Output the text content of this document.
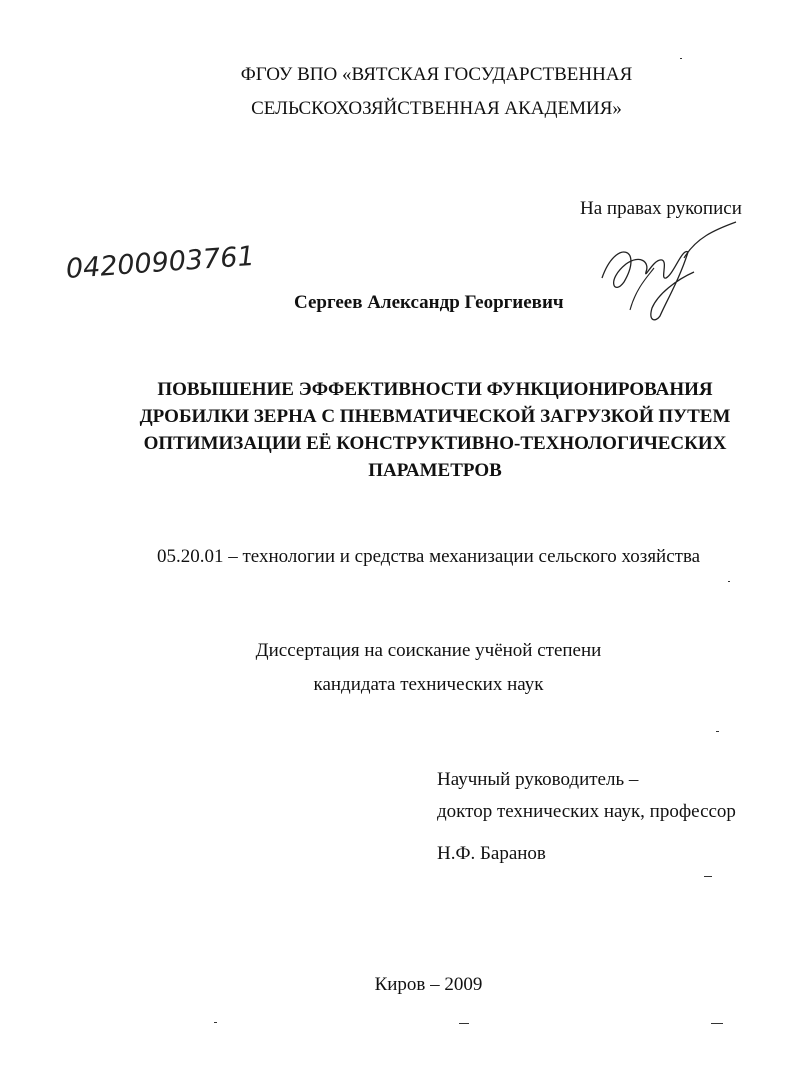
ФГОУ ВПО «ВЯТСКАЯ ГОСУДАРСТВЕННАЯ
СЕЛЬСКОХОЗЯЙСТВЕННАЯ АКАДЕМИЯ»
На правах рукописи
04200903761
Сергеев Александр Георгиевич
ПОВЫШЕНИЕ ЭФФЕКТИВНОСТИ ФУНКЦИОНИРОВАНИЯ
ДРОБИЛКИ ЗЕРНА С ПНЕВМАТИЧЕСКОЙ ЗАГРУЗКОЙ ПУТЕМ
ОПТИМИЗАЦИИ ЕЁ КОНСТРУКТИВНО-ТЕХНОЛОГИЧЕСКИХ
ПАРАМЕТРОВ
05.20.01 – технологии и средства механизации сельского хозяйства
Диссертация на соискание учёной степени
кандидата технических наук
Научный руководитель –
доктор технических наук, профессор
Н.Ф. Баранов
Киров – 2009
